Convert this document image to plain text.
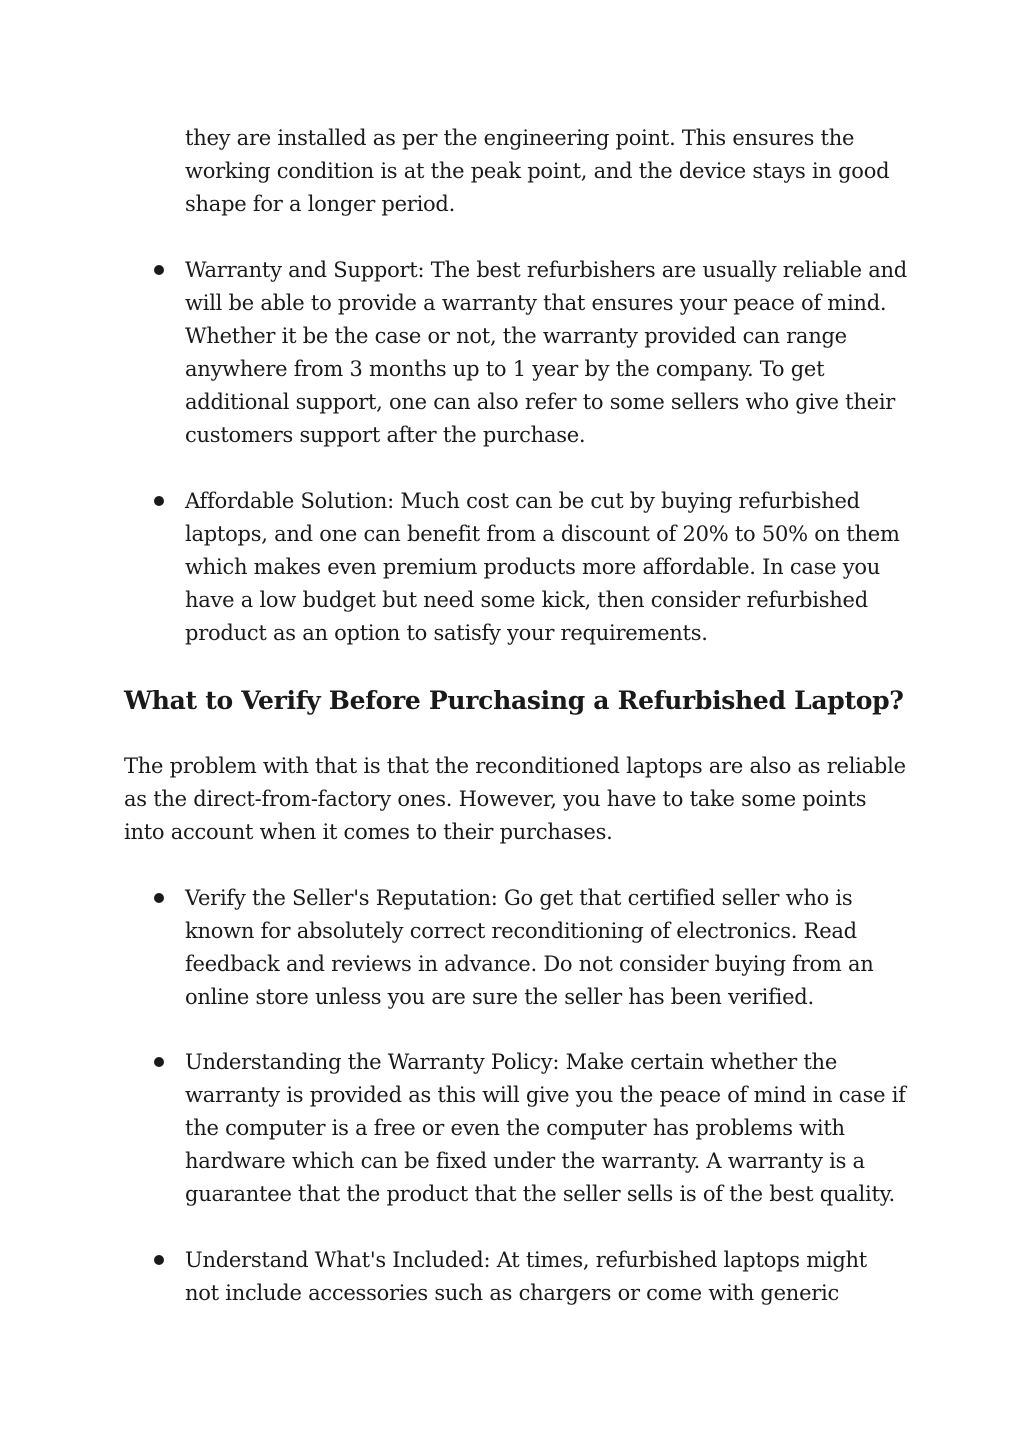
they are installed as per the engineering point. This ensures the
working condition is at the peak point, and the device stays in good
shape for a longer period.
Warranty and Support: The best refurbishers are usually reliable and
will be able to provide a warranty that ensures your peace of mind.
Whether it be the case or not, the warranty provided can range
anywhere from 3 months up to 1 year by the company. To get
additional support, one can also refer to some sellers who give their
customers support after the purchase.
Affordable Solution: Much cost can be cut by buying refurbished
laptops, and one can benefit from a discount of 20% to 50% on them
which makes even premium products more affordable. In case you
have a low budget but need some kick, then consider refurbished
product as an option to satisfy your requirements.
What to Verify Before Purchasing a Refurbished Laptop?
The problem with that is that the reconditioned laptops are also as reliable
as the direct-from-factory ones. However, you have to take some points
into account when it comes to their purchases.
Verify the Seller's Reputation: Go get that certified seller who is
known for absolutely correct reconditioning of electronics. Read
feedback and reviews in advance. Do not consider buying from an
online store unless you are sure the seller has been verified.
Understanding the Warranty Policy: Make certain whether the
warranty is provided as this will give you the peace of mind in case if
the computer is a free or even the computer has problems with
hardware which can be fixed under the warranty. A warranty is a
guarantee that the product that the seller sells is of the best quality.
Understand What's Included: At times, refurbished laptops might
not include accessories such as chargers or come with generic
